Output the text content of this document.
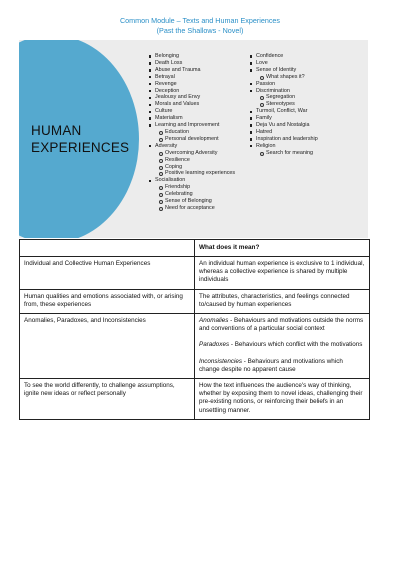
Common Module – Texts and Human Experiences
(Past the Shallows - Novel)
HUMAN
EXPERIENCES
Belonging
Death Loss
Abuse and Trauma
Betrayal
Revenge
Deception
Jealousy and Envy
Morals and Values
Culture
Materialism
Learning and Improvement
Education
Personal development
Adversity
Overcoming Adversity
Resilience
Coping
Positive learning experiences
Socialisation
Friendship
Celebrating
Sense of Belonging
Need for acceptance
Confidence
Love
Sense of Identity
What shapes it?
Passion
Discrimination
Segregation
Stereotypes
Turmoil, Conflict, War
Family
Deja Vu and Nostalgia
Hatred
Inspiration and leadership
Religion
Search for meaning
	What does it mean?
Individual and Collective Human Experiences	An individual human experience is exclusive to 1 individual, whereas a collective experience is shared by multiple individuals
Human qualities and emotions associated with, or arising from, these experiences	The attributes, characteristics, and feelings connected to/caused by human experiences
Anomalies, Paradoxes, and Inconsistencies	Anomalies - Behaviours and motivations outside the norms and conventions of a particular social context
Paradoxes - Behaviours which conflict with the motivations
Inconsistencies - Behaviours and motivations which change despite no apparent cause

To see the world differently, to challenge assumptions, ignite new ideas or reflect personally	How the text influences the audience's way of thinking, whether by exposing them to novel ideas, challenging their pre-existing notions, or reinforcing their beliefs in an unsettling manner.
